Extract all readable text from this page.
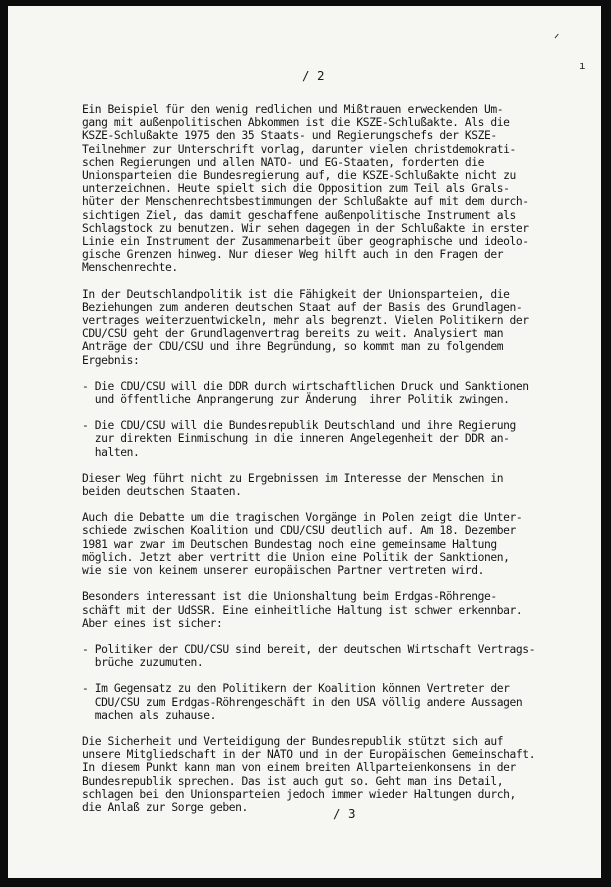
ᐟ
ı
/ 2
Ein Beispiel für den wenig redlichen und Mißtrauen erweckenden Um-
gang mit außenpolitischen Abkommen ist die KSZE-Schlußakte. Als die
KSZE-Schlußakte 1975 den 35 Staats- und Regierungschefs der KSZE-
Teilnehmer zur Unterschrift vorlag, darunter vielen christdemokrati-
schen Regierungen und allen NATO- und EG-Staaten, forderten die
Unionsparteien die Bundesregierung auf, die KSZE-Schlußakte nicht zu
unterzeichnen. Heute spielt sich die Opposition zum Teil als Grals-
hüter der Menschenrechtsbestimmungen der Schlußakte auf mit dem durch-
sichtigen Ziel, das damit geschaffene außenpolitische Instrument als
Schlagstock zu benutzen. Wir sehen dagegen in der Schlußakte in erster
Linie ein Instrument der Zusammenarbeit über geographische und ideolo-
gische Grenzen hinweg. Nur dieser Weg hilft auch in den Fragen der
Menschenrechte.
In der Deutschlandpolitik ist die Fähigkeit der Unionsparteien, die
Beziehungen zum anderen deutschen Staat auf der Basis des Grundlagen-
vertrages weiterzuentwickeln, mehr als begrenzt. Vielen Politikern der
CDU/CSU geht der Grundlagenvertrag bereits zu weit. Analysiert man
Anträge der CDU/CSU und ihre Begründung, so kommt man zu folgendem
Ergebnis:
- Die CDU/CSU will die DDR durch wirtschaftlichen Druck und Sanktionen
und öffentliche Anprangerung zur Änderung  ihrer Politik zwingen.
- Die CDU/CSU will die Bundesrepublik Deutschland und ihre Regierung
zur direkten Einmischung in die inneren Angelegenheit der DDR an-
halten.
Dieser Weg führt nicht zu Ergebnissen im Interesse der Menschen in
beiden deutschen Staaten.
Auch die Debatte um die tragischen Vorgänge in Polen zeigt die Unter-
schiede zwischen Koalition und CDU/CSU deutlich auf. Am 18. Dezember
1981 war zwar im Deutschen Bundestag noch eine gemeinsame Haltung
möglich. Jetzt aber vertritt die Union eine Politik der Sanktionen,
wie sie von keinem unserer europäischen Partner vertreten wird.
Besonders interessant ist die Unionshaltung beim Erdgas-Röhrenge-
schäft mit der UdSSR. Eine einheitliche Haltung ist schwer erkennbar.
Aber eines ist sicher:
- Politiker der CDU/CSU sind bereit, der deutschen Wirtschaft Vertrags-
brüche zuzumuten.
- Im Gegensatz zu den Politikern der Koalition können Vertreter der
CDU/CSU zum Erdgas-Röhrengeschäft in den USA völlig andere Aussagen
machen als zuhause.
Die Sicherheit und Verteidigung der Bundesrepublik stützt sich auf
unsere Mitgliedschaft in der NATO und in der Europäischen Gemeinschaft.
In diesem Punkt kann man von einem breiten Allparteienkonsens in der
Bundesrepublik sprechen. Das ist auch gut so. Geht man ins Detail,
schlagen bei den Unionsparteien jedoch immer wieder Haltungen durch,
die Anlaß zur Sorge geben.	/ 3
